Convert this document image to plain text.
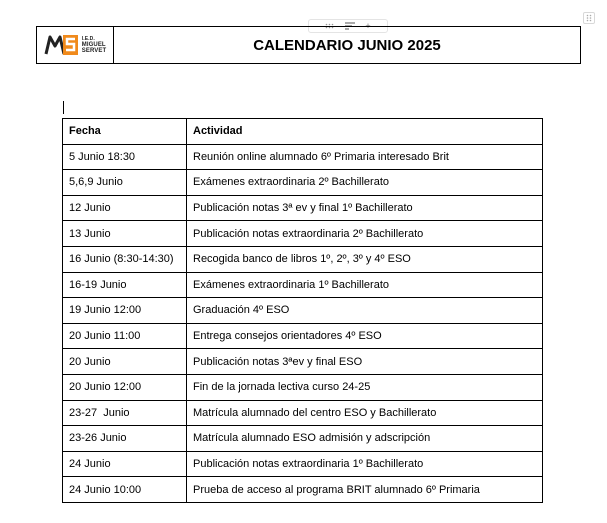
+
I.E.D.
MIGUEL
SERVET	CALENDARIO JUNIO 2025
Fecha	Actividad
5 Junio 18:30	Reunión online alumnado 6º Primaria interesado Brit
5,6,9 Junio	Exámenes extraordinaria 2º Bachillerato
12 Junio	Publicación notas 3ª ev y final 1º Bachillerato
13 Junio	Publicación notas extraordinaria 2º Bachillerato
16 Junio (8:30-14:30)	Recogida banco de libros 1º, 2º, 3º y 4º ESO
16-19 Junio	Exámenes extraordinaria 1º Bachillerato
19 Junio 12:00	Graduación 4º ESO
20 Junio 11:00	Entrega consejos orientadores 4º ESO
20 Junio	Publicación notas 3ªev y final ESO
20 Junio 12:00	Fin de la jornada lectiva curso 24-25
23-27  Junio	Matrícula alumnado del centro ESO y Bachillerato
23-26 Junio	Matrícula alumnado ESO admisión y adscripción
24 Junio	Publicación notas extraordinaria 1º Bachillerato
24 Junio 10:00	Prueba de acceso al programa BRIT alumnado 6º Primaria
